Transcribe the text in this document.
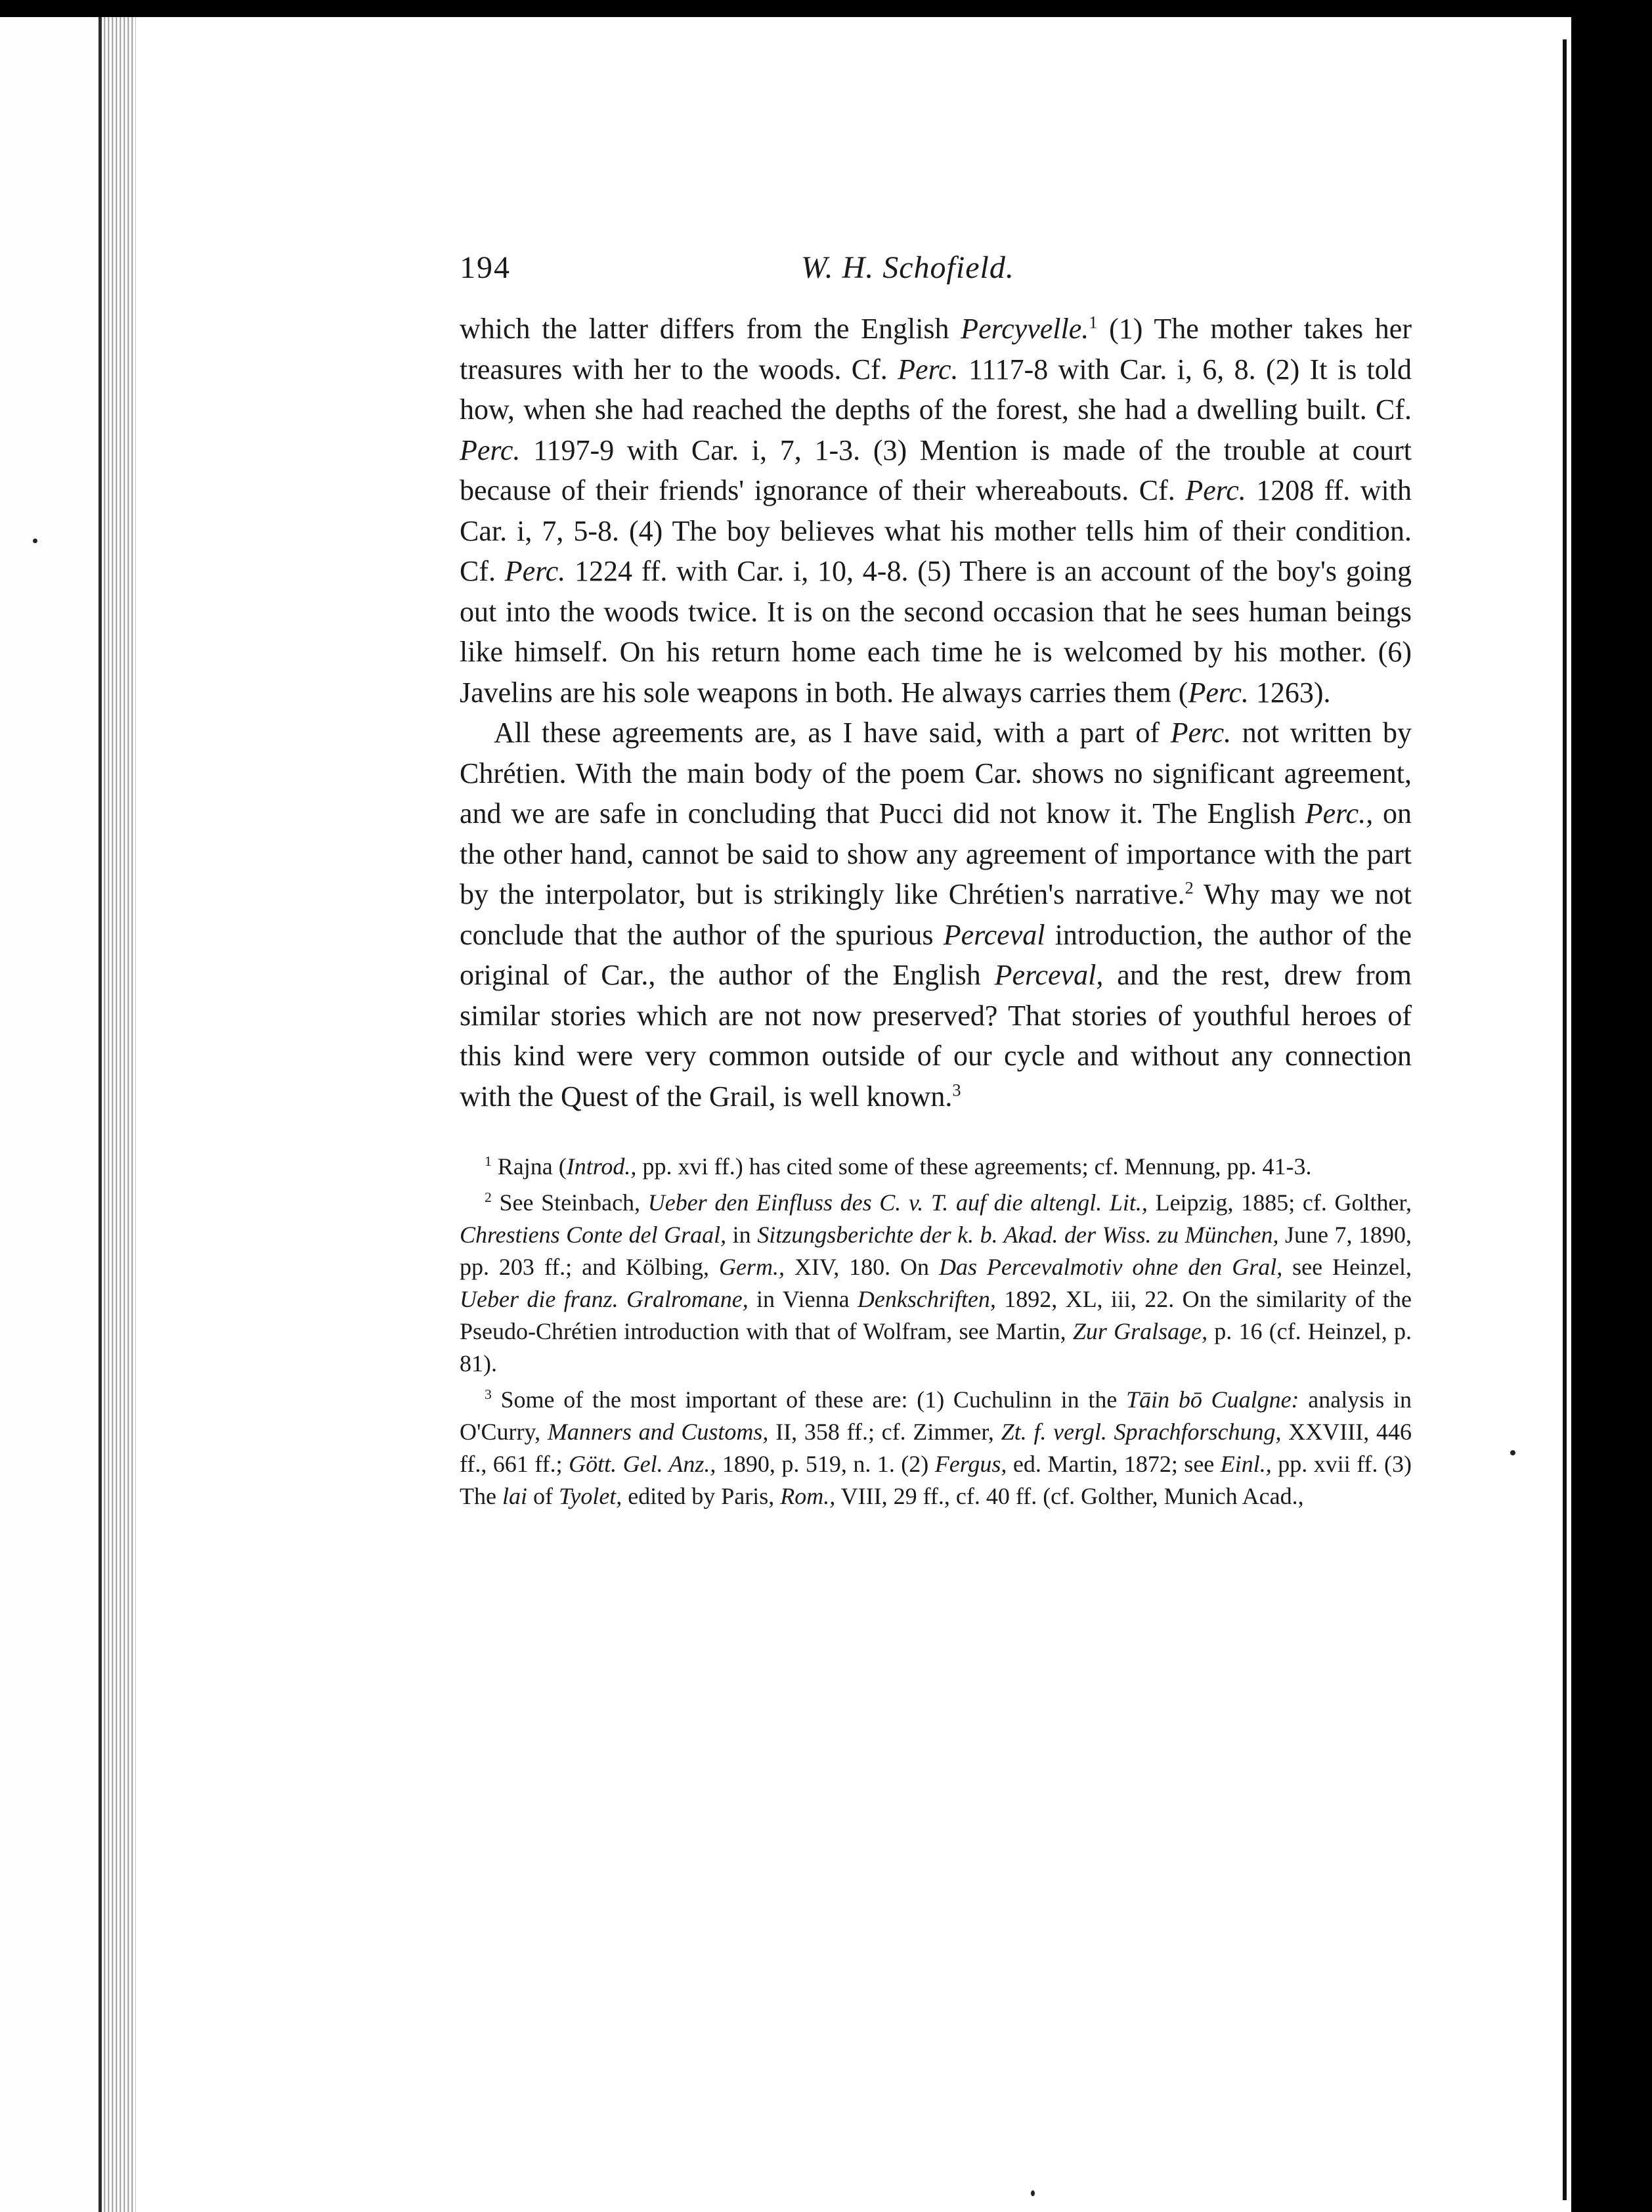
194	W. H. Schofield.

which the latter differs from the English Percyvelle.$^1$ (1) The mother takes her treasures with her to the woods. Cf. Perc. 1117-8 with Car. i, 6, 8. (2) It is told how, when she had reached the depths of the forest, she had a dwelling built. Cf. Perc. 1197-9 with Car. i, 7, 1-3. (3) Mention is made of the trouble at court because of their friends' ignorance of their whereabouts. Cf. Perc. 1208 ff. with Car. i, 7, 5-8. (4) The boy believes what his mother tells him of their condition. Cf. Perc. 1224 ff. with Car. i, 10, 4-8. (5) There is an account of the boy's going out into the woods twice. It is on the second occasion that he sees human beings like himself. On his return home each time he is welcomed by his mother. (6) Javelins are his sole weapons in both. He always carries them (Perc. 1263).

All these agreements are, as I have said, with a part of Perc. not written by Chrétien. With the main body of the poem Car. shows no significant agreement, and we are safe in concluding that Pucci did not know it. The English Perc., on the other hand, cannot be said to show any agreement of importance with the part by the interpolator, but is strikingly like Chrétien's narrative.$^2$ Why may we not conclude that the author of the spurious Perceval introduction, the author of the original of Car., the author of the English Perceval, and the rest, drew from similar stories which are not now preserved? That stories of youthful heroes of this kind were very common outside of our cycle and without any connection with the Quest of the Grail, is well known.$^3$

$^1$ Rajna (Introd., pp. xvi ff.) has cited some of these agreements; cf. Mennung, pp. 41-3.

$^2$ See Steinbach, Ueber den Einfluss des C. v. T. auf die altengl. Lit., Leipzig, 1885; cf. Golther, Chrestiens Conte del Graal, in Sitzungsberichte der k. b. Akad. der Wiss. zu München, June 7, 1890, pp. 203 ff.; and Kölbing, Germ., XIV, 180. On Das Percevalmotiv ohne den Gral, see Heinzel, Ueber die franz. Gralromane, in Vienna Denkschriften, 1892, XL, iii, 22. On the similarity of the Pseudo-Chrétien introduction with that of Wolfram, see Martin, Zur Gralsage, p. 16 (cf. Heinzel, p. 81).

$^3$ Some of the most important of these are: (1) Cuchulinn in the Tāin bō Cualgne: analysis in O'Curry, Manners and Customs, II, 358 ff.; cf. Zimmer, Zt. f. vergl. Sprachforschung, XXVIII, 446 ff., 661 ff.; Gött. Gel. Anz., 1890, p. 519, n. 1. (2) Fergus, ed. Martin, 1872; see Einl., pp. xvii ff. (3) The lai of Tyolet, edited by Paris, Rom., VIII, 29 ff., cf. 40 ff. (cf. Golther, Munich Acad.,
